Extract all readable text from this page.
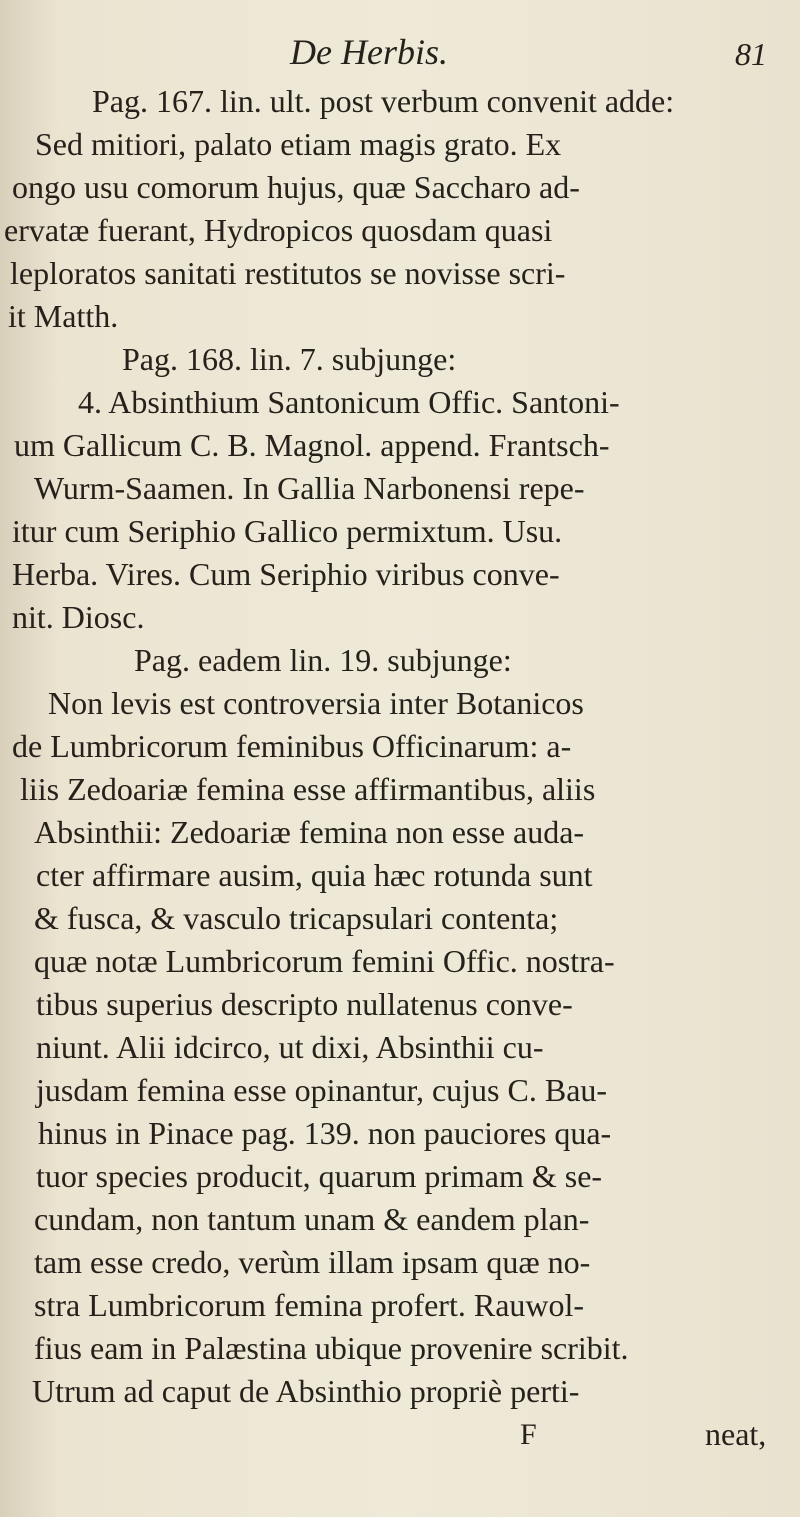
De Herbis.	81
Pag. 167. lin. ult. post verbum convenit adde:
Sed mitiori, palato etiam magis grato. Ex
ongo usu comorum hujus, quæ Saccharo ad-
ervatæ fuerant, Hydropicos quosdam quasi
leploratos sanitati restitutos se novisse scri-
it Matth.
Pag. 168. lin. 7. subjunge:
4. Absinthium Santonicum Offic. Santoni-
um Gallicum C. B. Magnol. append. Frantsch-
Wurm-Saamen. In Gallia Narbonensi repe-
itur cum Seriphio Gallico permixtum. Usu.
Herba. Vires. Cum Seriphio viribus conve-
nit. Diosc.
Pag. eadem lin. 19. subjunge:
Non levis est controversia inter Botanicos
de Lumbricorum feminibus Officinarum: a-
liis Zedoariæ femina esse affirmantibus, aliis
Absinthii: Zedoariæ femina non esse auda-
cter affirmare ausim, quia hæc rotunda sunt
& fusca, & vasculo tricapsulari contenta;
quæ notæ Lumbricorum femini Offic. nostra-
tibus superius descripto nullatenus conve-
niunt. Alii idcirco, ut dixi, Absinthii cu-
jusdam femina esse opinantur, cujus C. Bau-
hinus in Pinace pag. 139. non pauciores qua-
tuor species producit, quarum primam & se-
cundam, non tantum unam & eandem plan-
tam esse credo, verùm illam ipsam quæ no-
stra Lumbricorum femina profert. Rauwol-
fius eam in Palæstina ubique provenire scribit.
Utrum ad caput de Absinthio propriè perti-
F	neat,
